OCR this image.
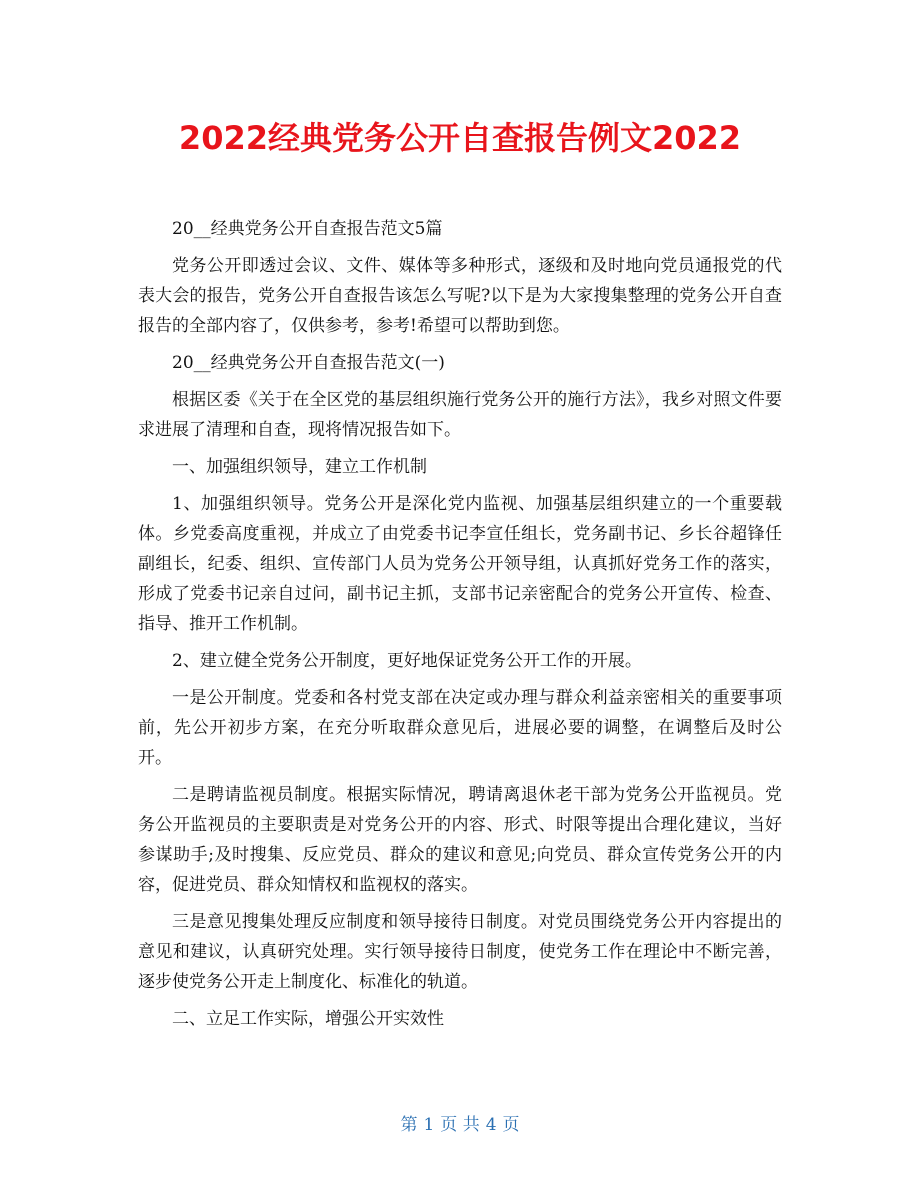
2022经典党务公开自查报告例文2022

20__经典党务公开自查报告范文5篇

党务公开即透过会议、文件、媒体等多种形式，逐级和及时地向党员通报党的代表大会的报告，党务公开自查报告该怎么写呢?以下是为大家搜集整理的党务公开自查报告的全部内容了，仅供参考，参考!希望可以帮助到您。

20__经典党务公开自查报告范文(一)

根据区委《关于在全区党的基层组织施行党务公开的施行方法》，我乡对照文件要求进展了清理和自查，现将情况报告如下。

一、加强组织领导，建立工作机制

1、加强组织领导。党务公开是深化党内监视、加强基层组织建立的一个重要载体。乡党委高度重视，并成立了由党委书记李宣任组长，党务副书记、乡长谷超锋任副组长，纪委、组织、宣传部门人员为党务公开领导组，认真抓好党务工作的落实，形成了党委书记亲自过问，副书记主抓，支部书记亲密配合的党务公开宣传、检查、指导、推开工作机制。

2、建立健全党务公开制度，更好地保证党务公开工作的开展。

一是公开制度。党委和各村党支部在决定或办理与群众利益亲密相关的重要事项前，先公开初步方案，在充分听取群众意见后，进展必要的调整，在调整后及时公开。

二是聘请监视员制度。根据实际情况，聘请离退休老干部为党务公开监视员。党务公开监视员的主要职责是对党务公开的内容、形式、时限等提出合理化建议，当好参谋助手;及时搜集、反应党员、群众的建议和意见;向党员、群众宣传党务公开的内容，促进党员、群众知情权和监视权的落实。

三是意见搜集处理反应制度和领导接待日制度。对党员围绕党务公开内容提出的意见和建议，认真研究处理。实行领导接待日制度，使党务工作在理论中不断完善，逐步使党务公开走上制度化、标准化的轨道。

二、立足工作实际，增强公开实效性

第 1 页 共 4 页
